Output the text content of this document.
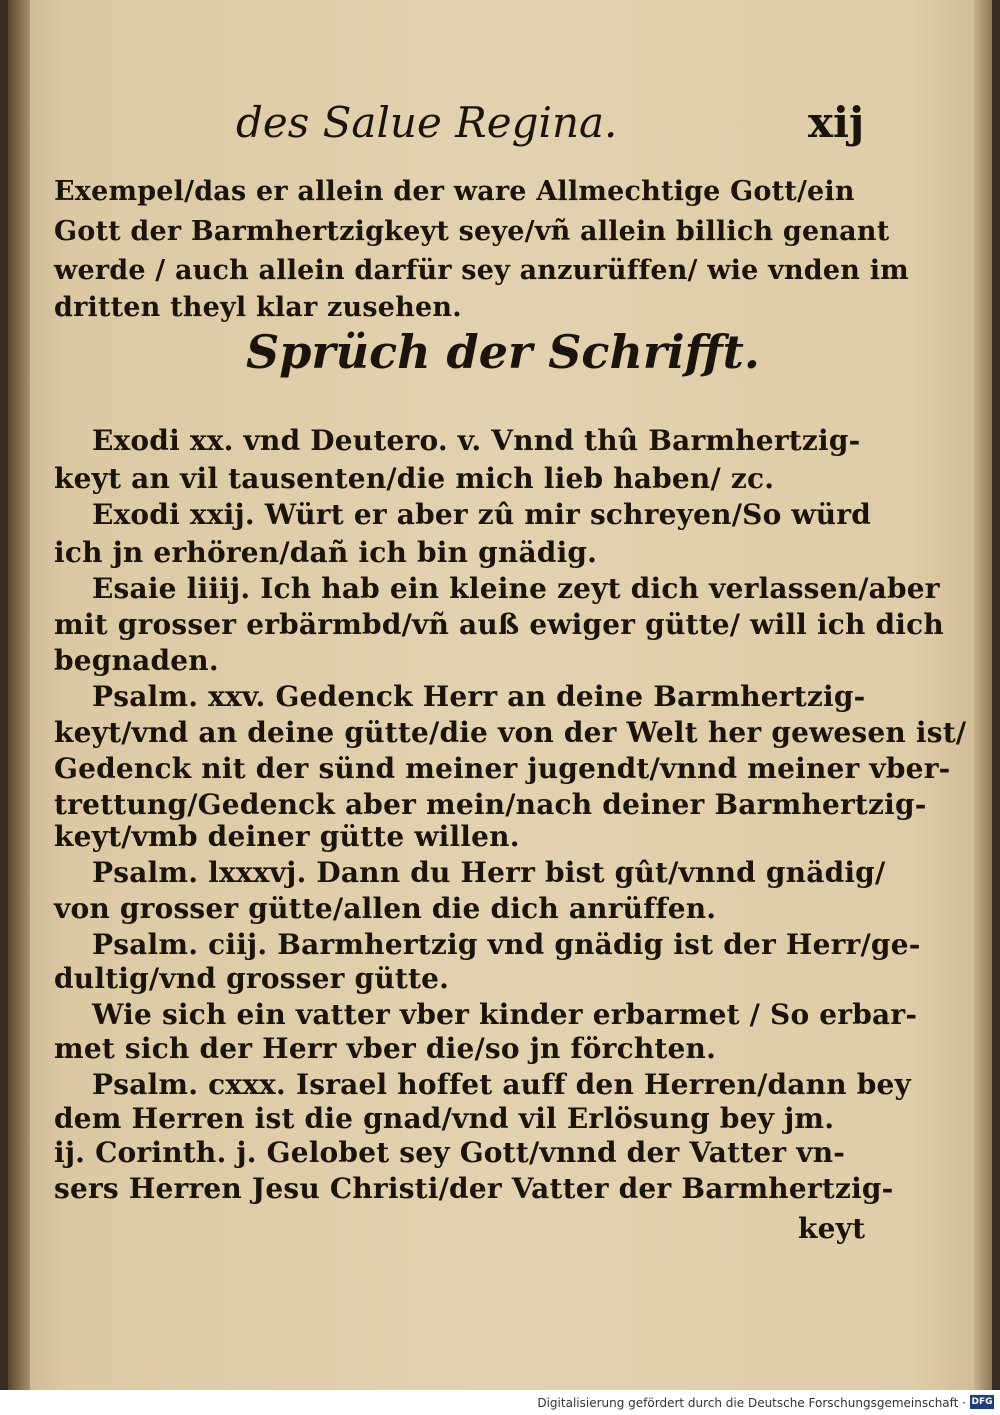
des Salue Regina.	xij
Exempel/das er allein der ware Allmechtige Gott/ein
Gott der Barmhertzigkeyt seye/vñ allein billich genant
werde / auch allein darfür sey anzurüffen/ wie vnden im
dritten theyl klar zusehen.
Sprüch der Schrifft.
Exodi xx. vnd Deutero. v. Vnnd thû Barmhertzig-
keyt an vil tausenten/die mich lieb haben/ zc.
Exodi xxij. Würt er aber zû mir schreyen/So würd
ich jn erhören/dañ ich bin gnädig.
Esaie liiij. Ich hab ein kleine zeyt dich verlassen/aber
mit grosser erbärmbd/vñ auß ewiger gütte/ will ich dich
begnaden.
Psalm. xxv. Gedenck Herr an deine Barmhertzig-
keyt/vnd an deine gütte/die von der Welt her gewesen ist/
Gedenck nit der sünd meiner jugendt/vnnd meiner vber-
trettung/Gedenck aber mein/nach deiner Barmhertzig-
keyt/vmb deiner gütte willen.
Psalm. lxxxvj. Dann du Herr bist gût/vnnd gnädig/
von grosser gütte/allen die dich anrüffen.
Psalm. ciij. Barmhertzig vnd gnädig ist der Herr/ge-
dultig/vnd grosser gütte.
Wie sich ein vatter vber kinder erbarmet / So erbar-
met sich der Herr vber die/so jn förchten.
Psalm. cxxx. Israel hoffet auff den Herren/dann bey
dem Herren ist die gnad/vnd vil Erlösung bey jm.
ij. Corinth. j. Gelobet sey Gott/vnnd der Vatter vn-
sers Herren Jesu Christi/der Vatter der Barmhertzig-
keyt
Digitalisierung gefördert durch die Deutsche Forschungsgemeinschaft · DFG
